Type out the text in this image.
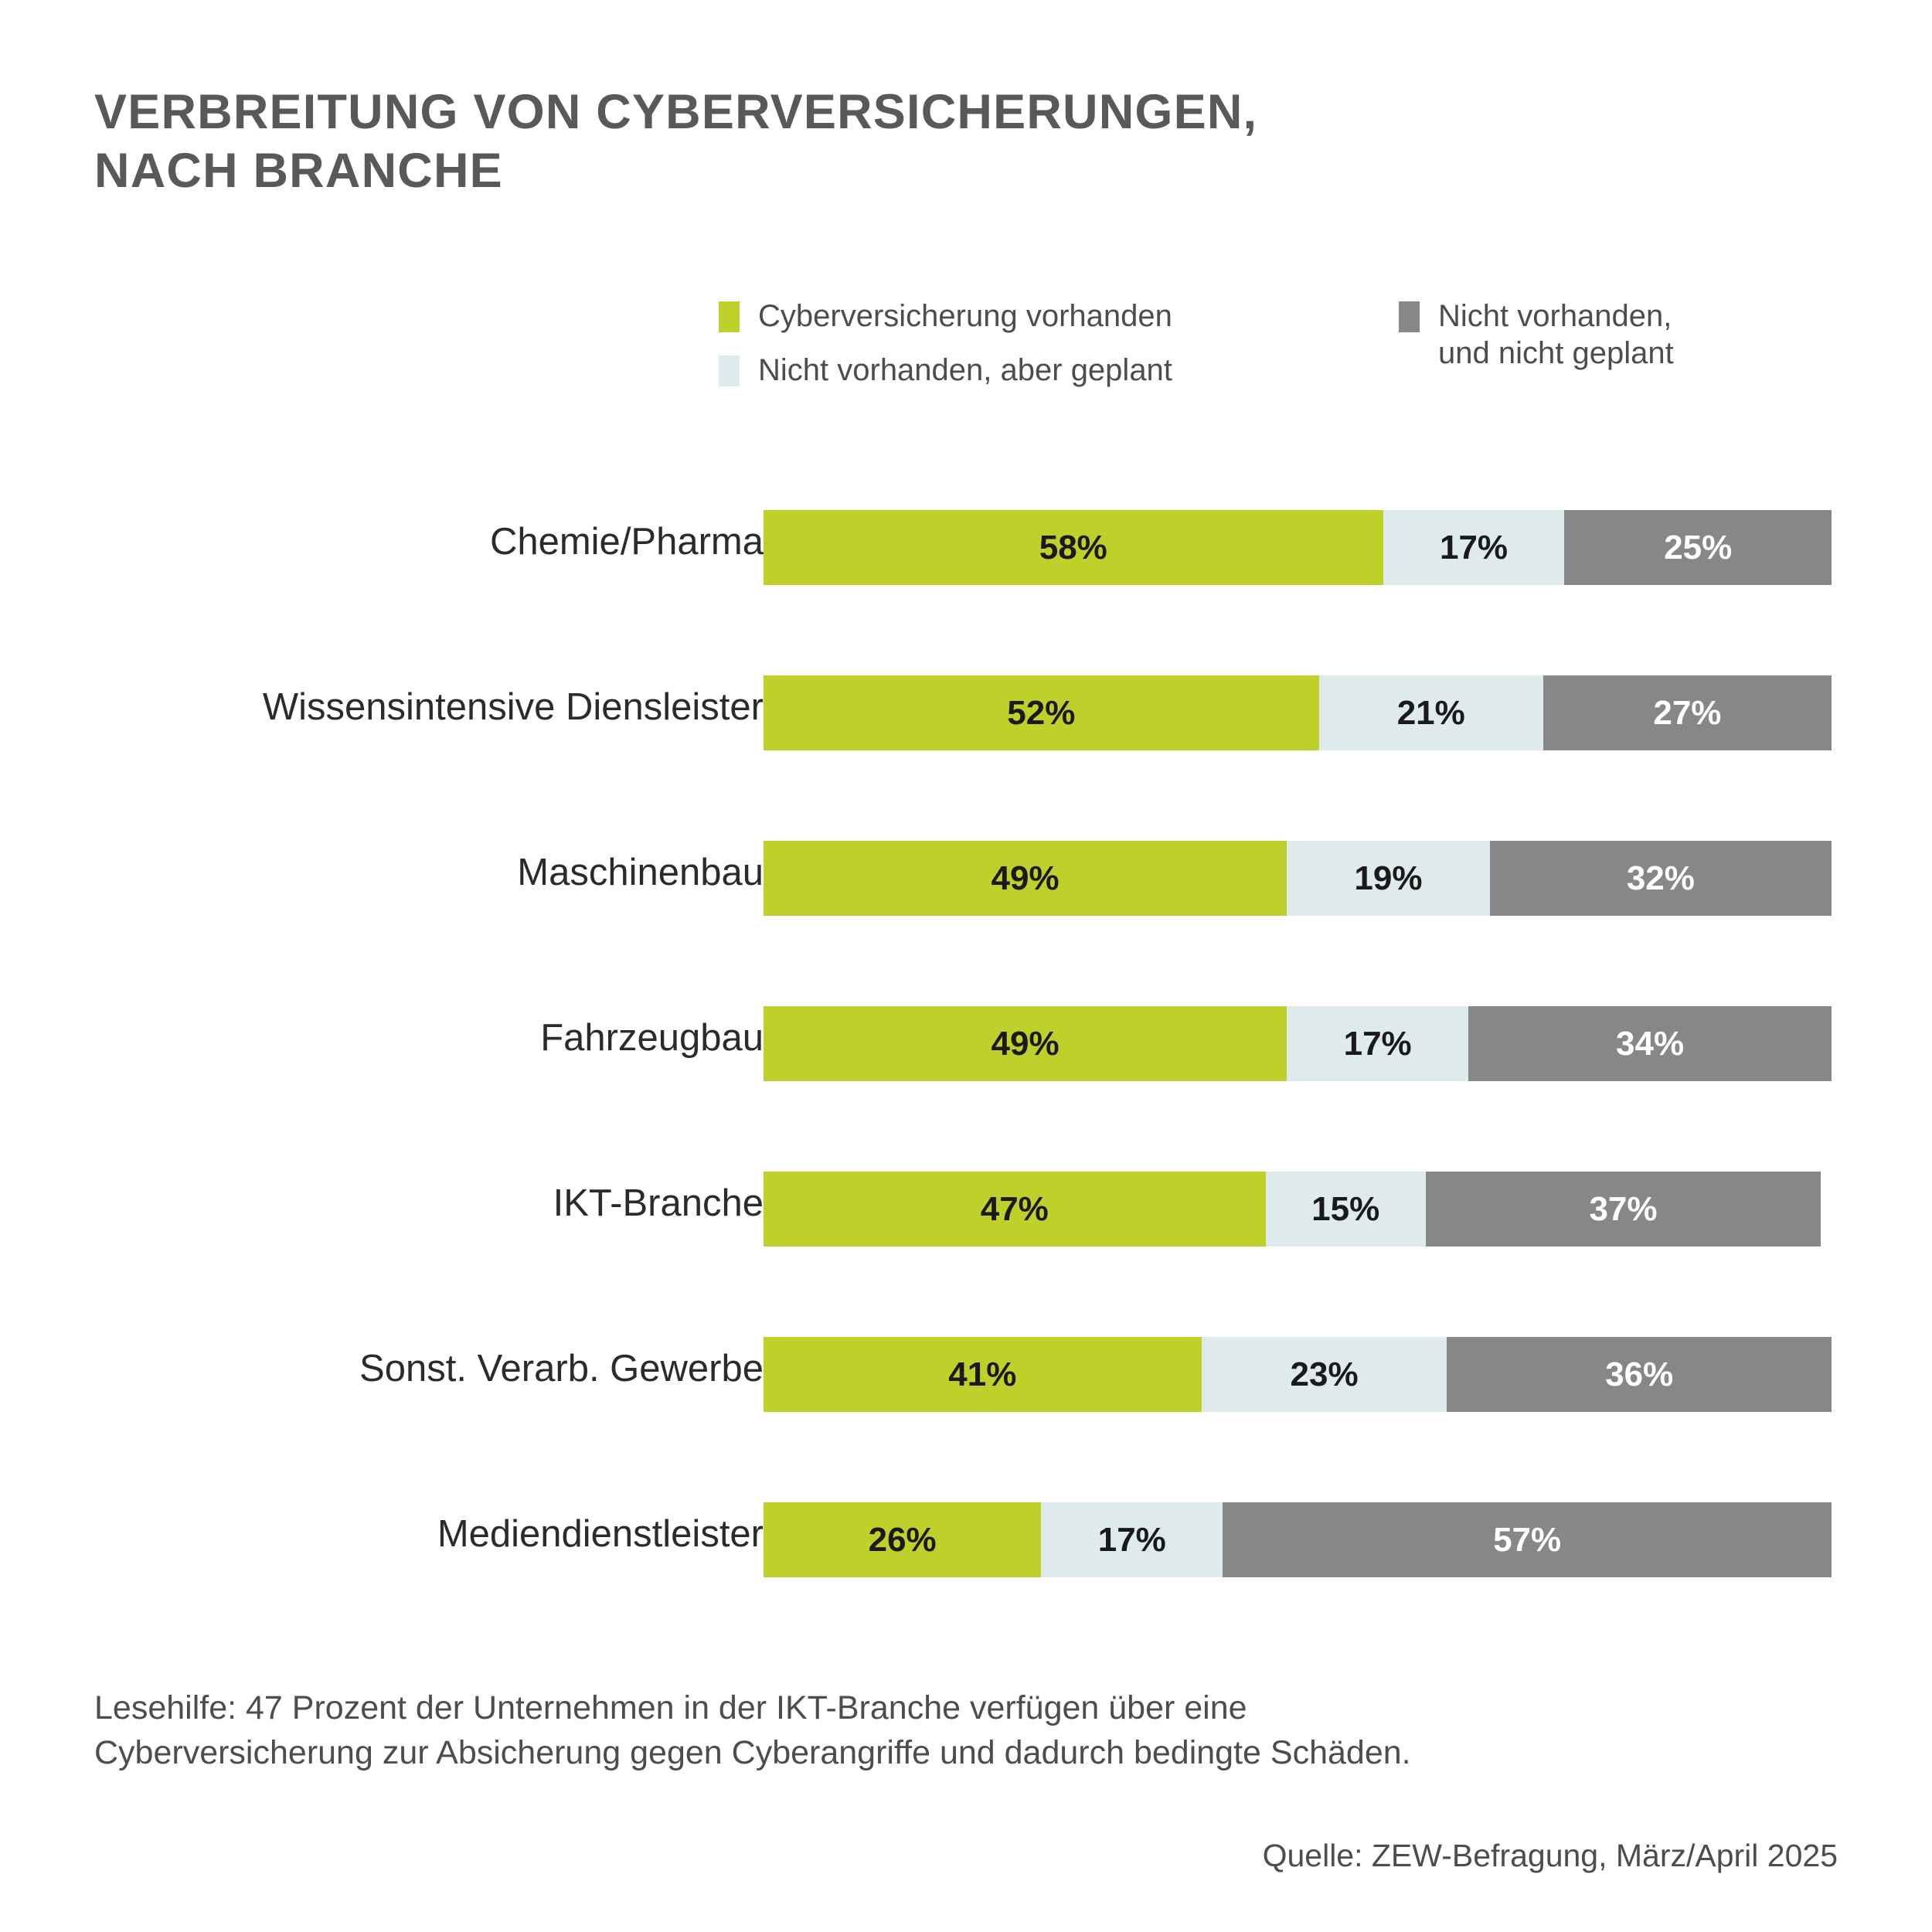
VERBREITUNG VON CYBERVERSICHERUNGEN,
NACH BRANCHE
Cyberversicherung vorhanden
Nicht vorhanden, aber geplant
Nicht vorhanden,
und nicht geplant
Chemie/Pharma	58%	17%	25%
Wissensintensive Diensleister	52%	21%	27%
Maschinenbau	49%	19%	32%
Fahrzeugbau	49%	17%	34%
IKT-Branche	47%	15%	37%
Sonst. Verarb. Gewerbe	41%	23%	36%
Mediendienstleister	26%	17%	57%
Lesehilfe: 47 Prozent der Unternehmen in der IKT-Branche verfügen über eine
Cyberversicherung zur Absicherung gegen Cyberangriffe und dadurch bedingte Schäden.
Quelle: ZEW-Befragung, März/April 2025
